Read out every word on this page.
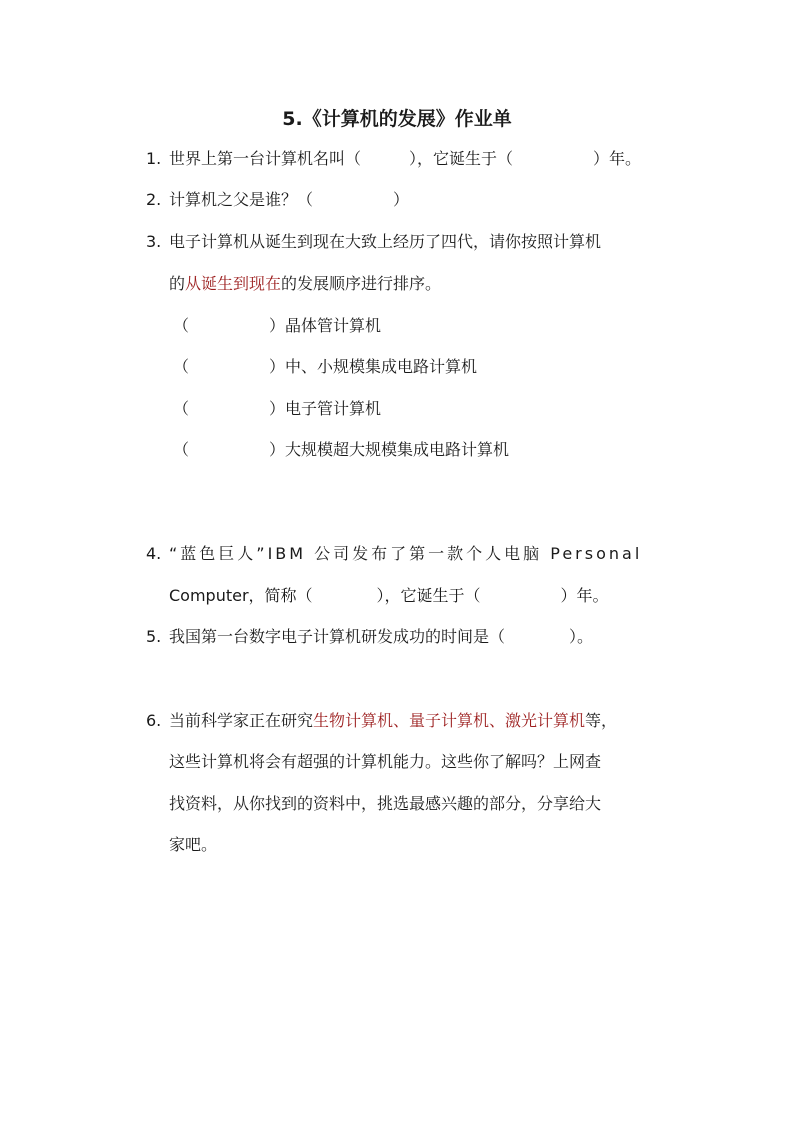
5.《计算机的发展》作业单
1. 世界上第一台计算机名叫（　　　），它诞生于（　　　　　）年。
2. 计算机之父是谁？（　　　　　）
3. 电子计算机从诞生到现在大致上经历了四代，请你按照计算机
的从诞生到现在的发展顺序进行排序。
（　　　　　）晶体管计算机
（　　　　　）中、小规模集成电路计算机
（　　　　　）电子管计算机
（　　　　　）大规模超大规模集成电路计算机
4. “蓝色巨人”IBM 公司发布了第一款个人电脑 Personal
Computer，简称（　　　　），它诞生于（　　　　　）年。
5. 我国第一台数字电子计算机研发成功的时间是（　　　　）。
6. 当前科学家正在研究生物计算机、量子计算机、激光计算机等，
这些计算机将会有超强的计算机能力。这些你了解吗？上网查
找资料，从你找到的资料中，挑选最感兴趣的部分，分享给大
家吧。
